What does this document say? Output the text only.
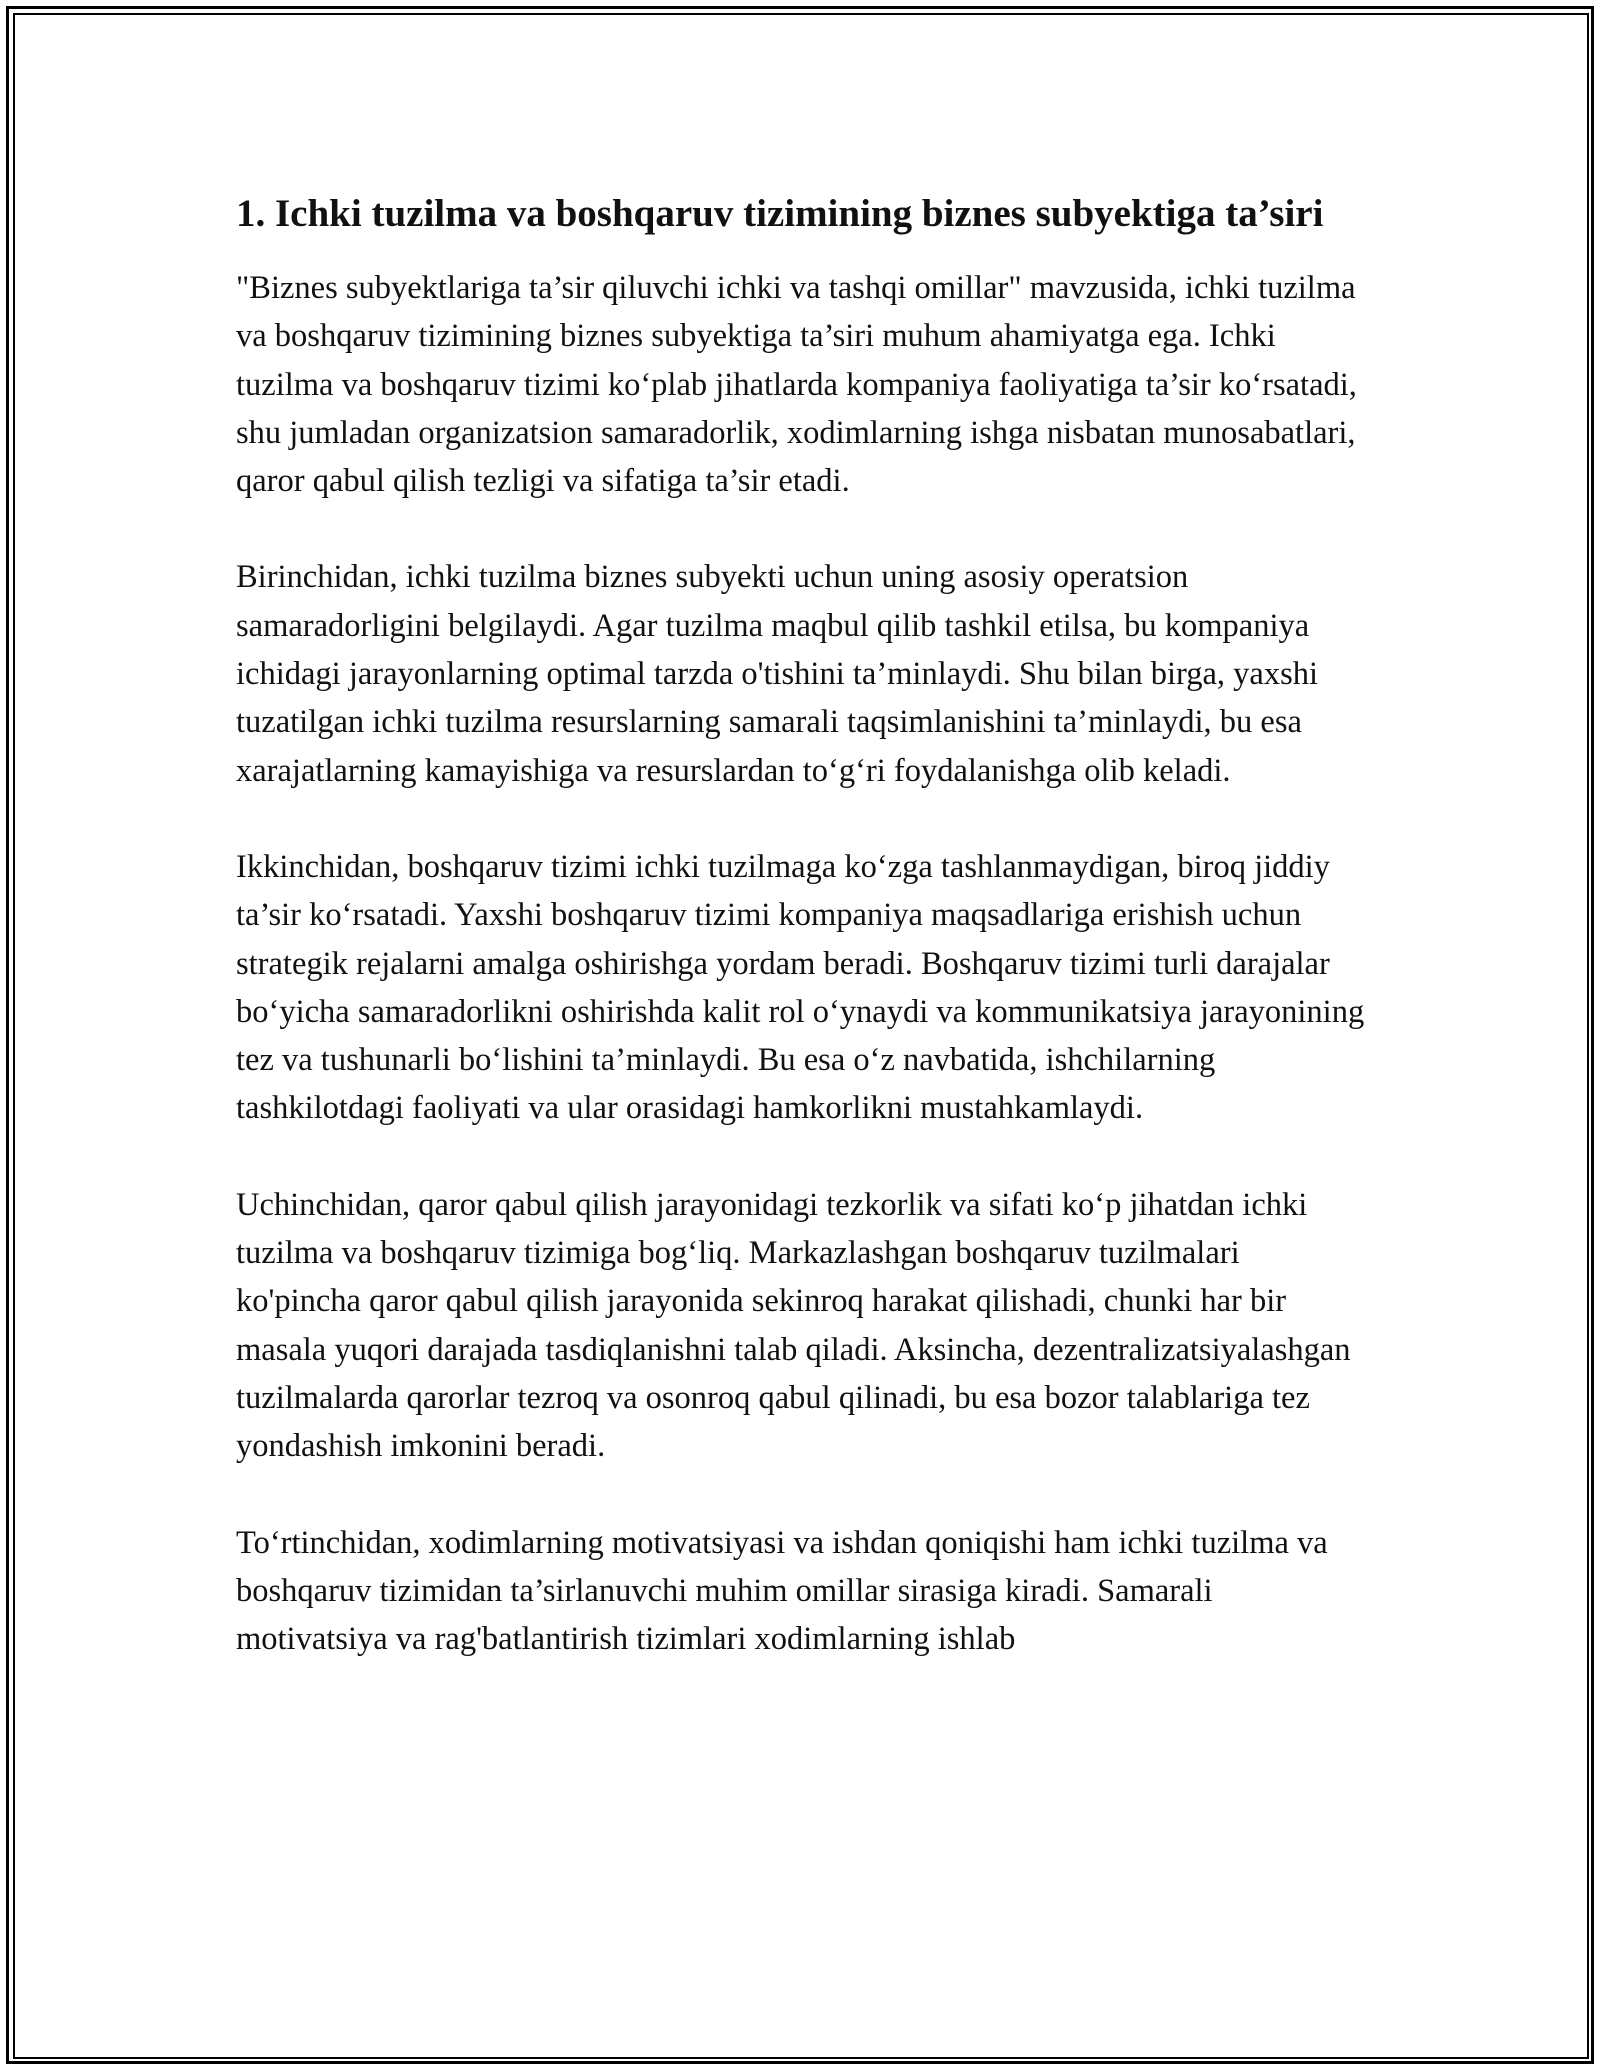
1. Ichki tuzilma va boshqaruv tizimining biznes subyektiga ta’siri

"Biznes subyektlariga ta’sir qiluvchi ichki va tashqi omillar" mavzusida, ichki tuzilma va boshqaruv tizimining biznes subyektiga ta’siri muhum ahamiyatga ega. Ichki tuzilma va boshqaruv tizimi ko‘plab jihatlarda kompaniya faoliyatiga ta’sir ko‘rsatadi, shu jumladan organizatsion samaradorlik, xodimlarning ishga nisbatan munosabatlari, qaror qabul qilish tezligi va sifatiga ta’sir etadi.

Birinchidan, ichki tuzilma biznes subyekti uchun uning asosiy operatsion samaradorligini belgilaydi. Agar tuzilma maqbul qilib tashkil etilsa, bu kompaniya ichidagi jarayonlarning optimal tarzda o'tishini ta’minlaydi. Shu bilan birga, yaxshi tuzatilgan ichki tuzilma resurslarning samarali taqsimlanishini ta’minlaydi, bu esa xarajatlarning kamayishiga va resurslardan to‘g‘ri foydalanishga olib keladi.

Ikkinchidan, boshqaruv tizimi ichki tuzilmaga ko‘zga tashlanmaydigan, biroq jiddiy ta’sir ko‘rsatadi. Yaxshi boshqaruv tizimi kompaniya maqsadlariga erishish uchun strategik rejalarni amalga oshirishga yordam beradi. Boshqaruv tizimi turli darajalar bo‘yicha samaradorlikni oshirishda kalit rol o‘ynaydi va kommunikatsiya jarayonining tez va tushunarli bo‘lishini ta’minlaydi. Bu esa o‘z navbatida, ishchilarning tashkilotdagi faoliyati va ular orasidagi hamkorlikni mustahkamlaydi.

Uchinchidan, qaror qabul qilish jarayonidagi tezkorlik va sifati ko‘p jihatdan ichki tuzilma va boshqaruv tizimiga bog‘liq. Markazlashgan boshqaruv tuzilmalari ko'pincha qaror qabul qilish jarayonida sekinroq harakat qilishadi, chunki har bir masala yuqori darajada tasdiqlanishni talab qiladi. Aksincha, dezentralizatsiyalashgan tuzilmalarda qarorlar tezroq va osonroq qabul qilinadi, bu esa bozor talablariga tez yondashish imkonini beradi.

To‘rtinchidan, xodimlarning motivatsiyasi va ishdan qoniqishi ham ichki tuzilma va boshqaruv tizimidan ta’sirlanuvchi muhim omillar sirasiga kiradi. Samarali motivatsiya va rag'batlantirish tizimlari xodimlarning ishlab
